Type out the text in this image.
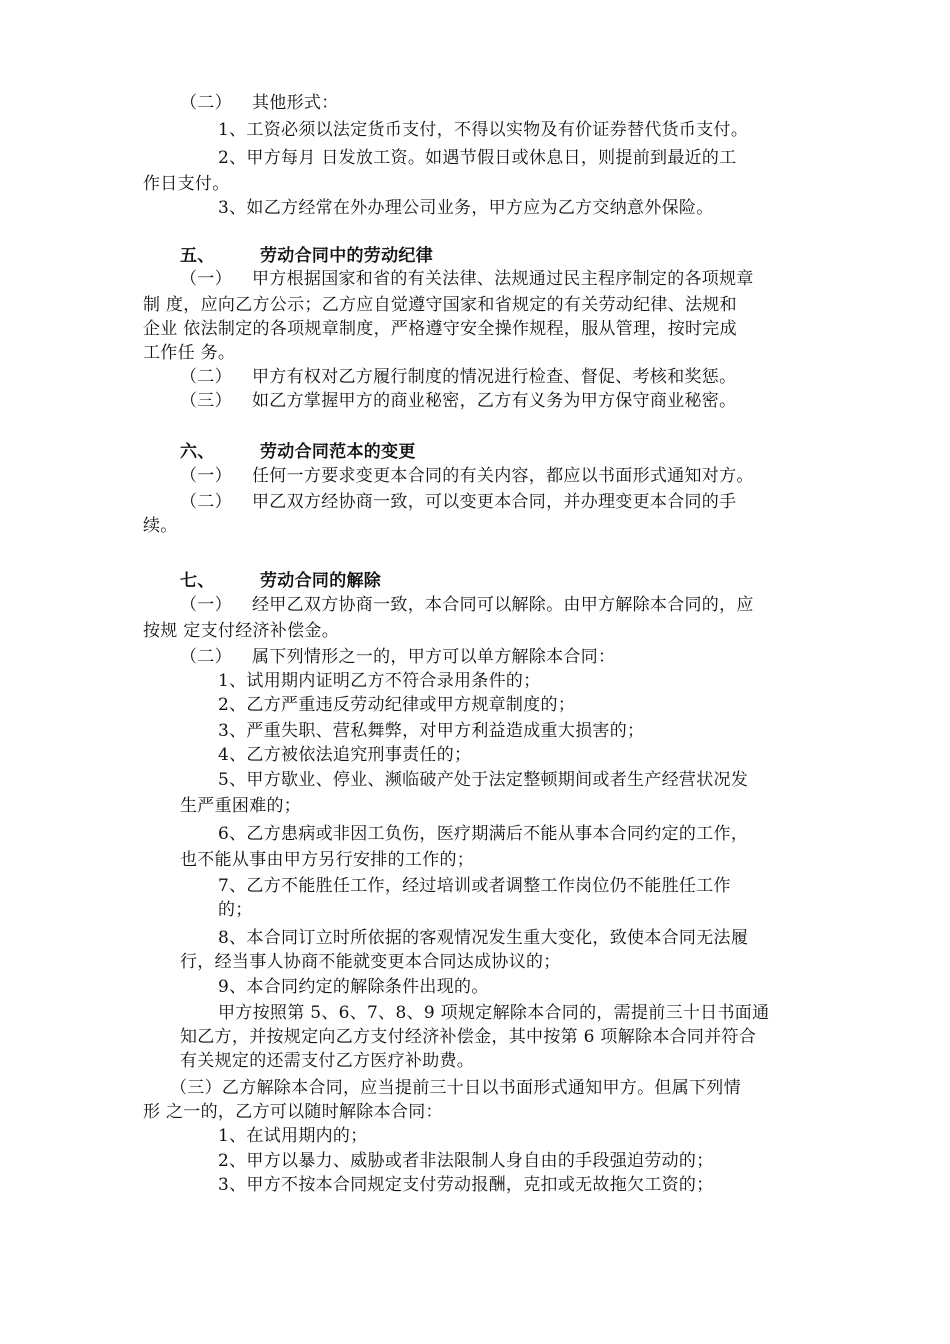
（二） 其他形式：
1、工资必须以法定货币支付，不得以实物及有价证券替代货币支付。
2、甲方每月 日发放工资。如遇节假日或休息日，则提前到最近的工
作日支付。
3、如乙方经常在外办理公司业务，甲方应为乙方交纳意外保险。
五、	劳动合同中的劳动纪律
（一） 甲方根据国家和省的有关法律、法规通过民主程序制定的各项规章
制 度，应向乙方公示；乙方应自觉遵守国家和省规定的有关劳动纪律、法规和
企业 依法制定的各项规章制度，严格遵守安全操作规程，服从管理，按时完成
工作任 务。
（二） 甲方有权对乙方履行制度的情况进行检查、督促、考核和奖惩。
（三） 如乙方掌握甲方的商业秘密，乙方有义务为甲方保守商业秘密。
六、	劳动合同范本的变更
（一） 任何一方要求变更本合同的有关内容，都应以书面形式通知对方。
（二） 甲乙双方经协商一致，可以变更本合同，并办理变更本合同的手
续。
七、	劳动合同的解除
（一） 经甲乙双方协商一致，本合同可以解除。由甲方解除本合同的，应
按规 定支付经济补偿金。
（二） 属下列情形之一的，甲方可以单方解除本合同：
1、试用期内证明乙方不符合录用条件的；
2、乙方严重违反劳动纪律或甲方规章制度的；
3、严重失职、营私舞弊，对甲方利益造成重大损害的；
4、乙方被依法追究刑事责任的；
5、甲方歇业、停业、濒临破产处于法定整顿期间或者生产经营状况发
生严重困难的；
6、乙方患病或非因工负伤，医疗期满后不能从事本合同约定的工作，
也不能从事由甲方另行安排的工作的；
7、乙方不能胜任工作，经过培训或者调整工作岗位仍不能胜任工作
的；
8、本合同订立时所依据的客观情况发生重大变化，致使本合同无法履
行，经当事人协商不能就变更本合同达成协议的；
9、本合同约定的解除条件出现的。
甲方按照第 5、6、7、8、9 项规定解除本合同的，需提前三十日书面通
知乙方，并按规定向乙方支付经济补偿金，其中按第 6 项解除本合同并符合
有关规定的还需支付乙方医疗补助费。
（三）乙方解除本合同，应当提前三十日以书面形式通知甲方。但属下列情
形 之一的，乙方可以随时解除本合同：
1、在试用期内的；
2、甲方以暴力、威胁或者非法限制人身自由的手段强迫劳动的；
3、甲方不按本合同规定支付劳动报酬，克扣或无故拖欠工资的；
